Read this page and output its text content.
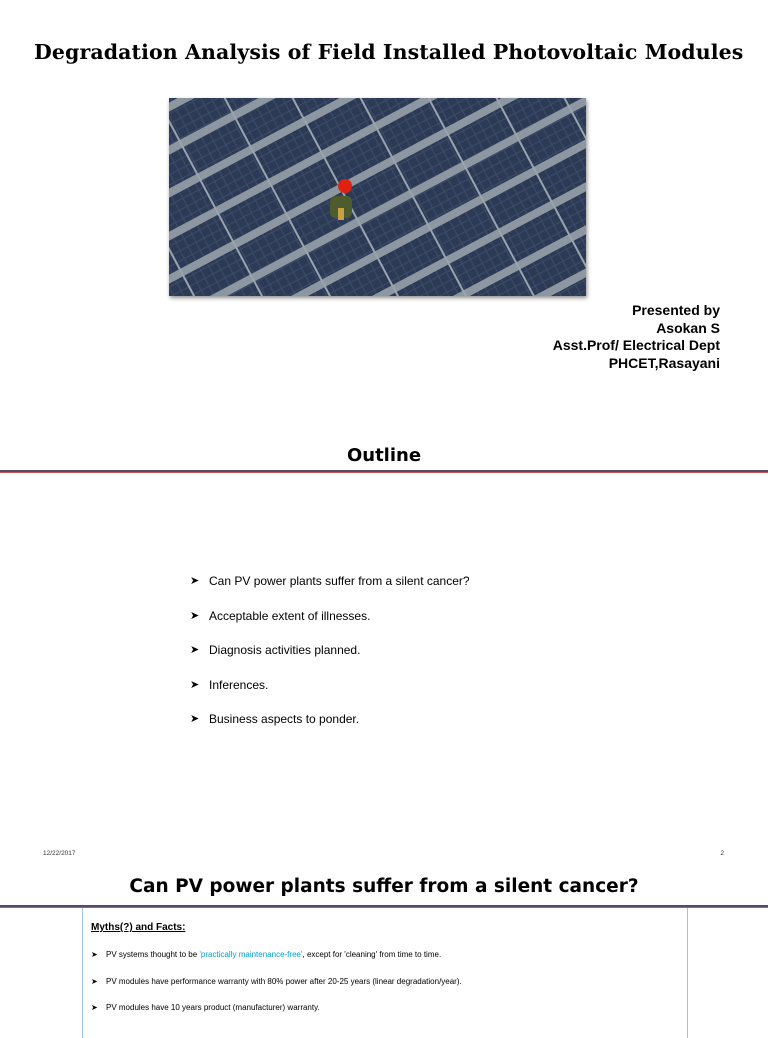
Degradation Analysis of Field Installed Photovoltaic Modules
Presented by
Asokan S
Asst.Prof/ Electrical Dept
PHCET,Rasayani
Outline
➤ Can PV power plants suffer from a silent cancer?
➤ Acceptable extent of illnesses.
➤ Diagnosis activities planned.
➤ Inferences.
➤ Business aspects to ponder.
12/22/2017	2
Can PV power plants suffer from a silent cancer?
Myths(?) and Facts:
➤	PV systems thought to be 'practically maintenance-free', except for 'cleaning' from time to time.
➤	PV modules have performance warranty with 80% power after 20-25 years (linear degradation/year).
➤	PV modules have 10 years product (manufacturer) warranty.
